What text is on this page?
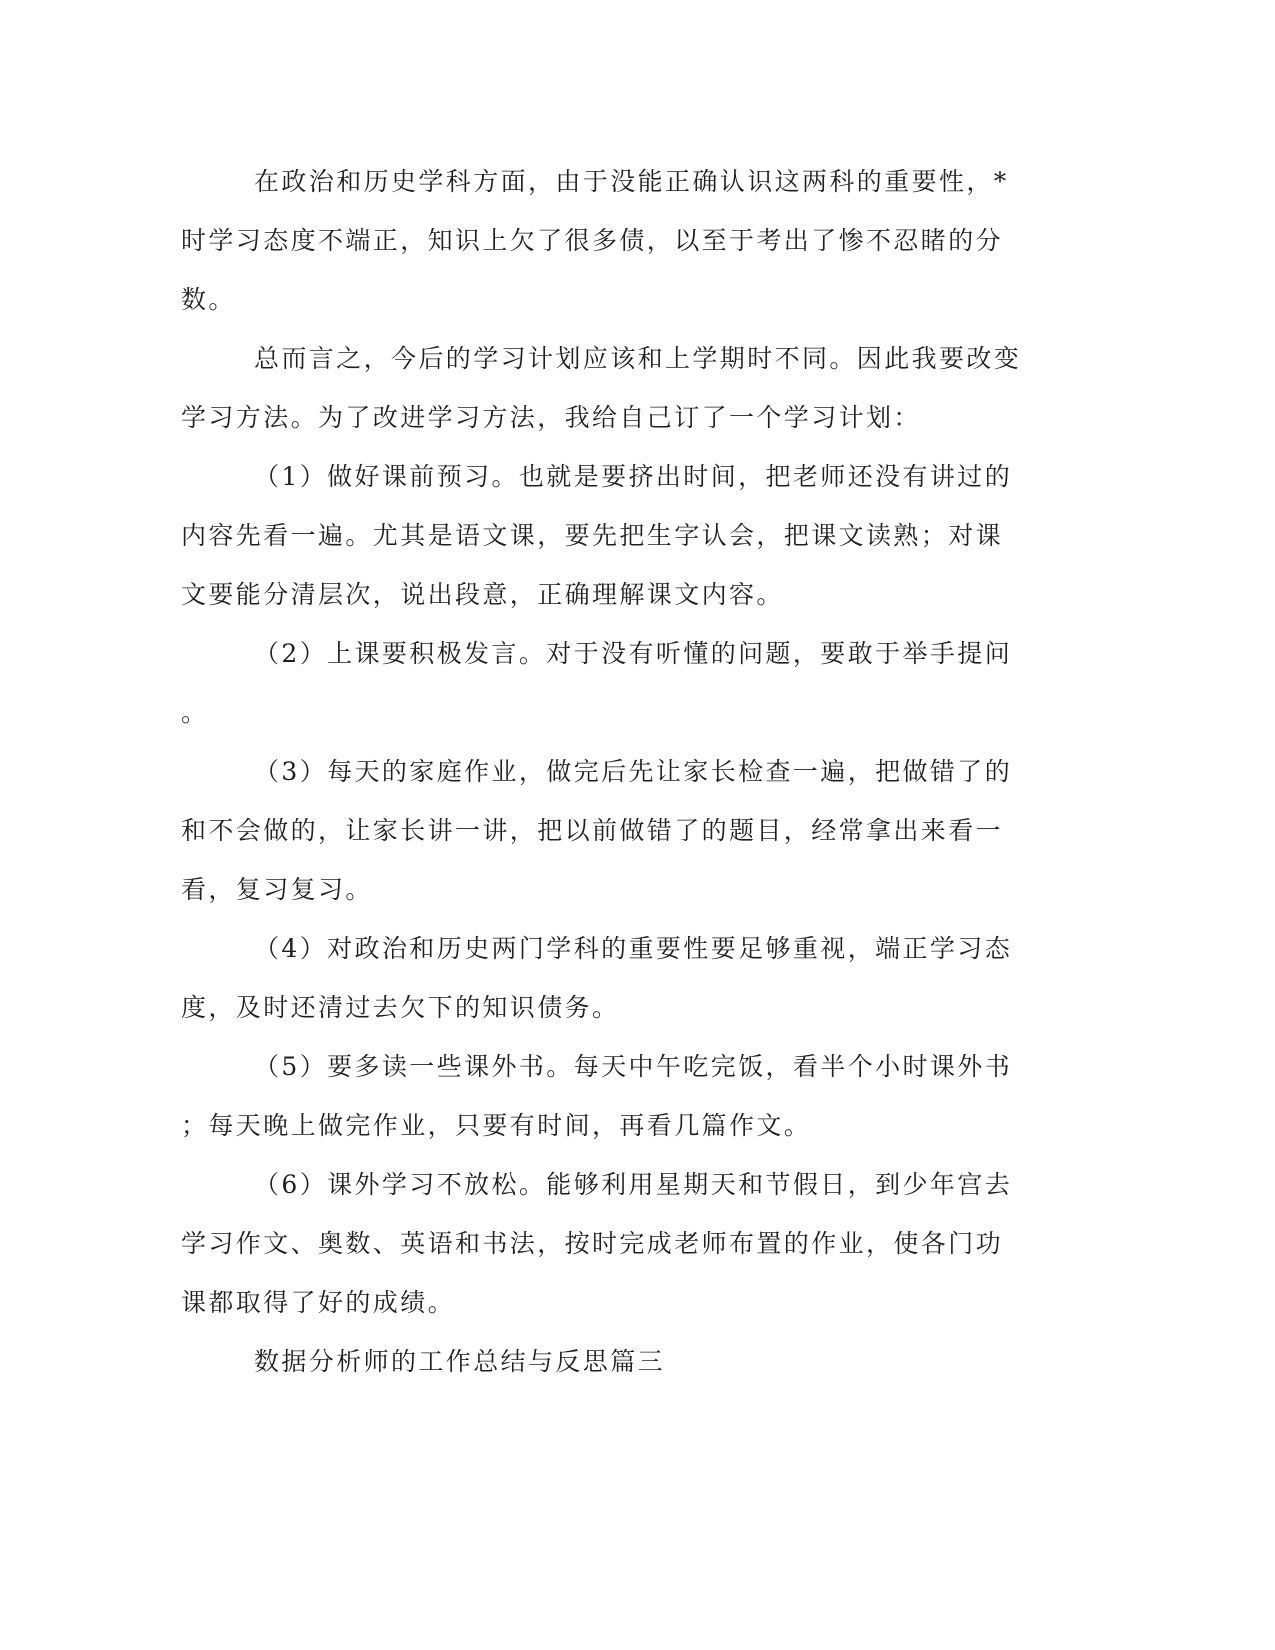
在政治和历史学科方面，由于没能正确认识这两科的重要性，*
时学习态度不端正，知识上欠了很多债，以至于考出了惨不忍睹的分
数。

总而言之，今后的学习计划应该和上学期时不同。因此我要改变
学习方法。为了改进学习方法，我给自己订了一个学习计划：

（1）做好课前预习。也就是要挤出时间，把老师还没有讲过的
内容先看一遍。尤其是语文课，要先把生字认会，把课文读熟；对课
文要能分清层次，说出段意，正确理解课文内容。

（2）上课要积极发言。对于没有听懂的问题，要敢于举手提问
。

（3）每天的家庭作业，做完后先让家长检查一遍，把做错了的
和不会做的，让家长讲一讲，把以前做错了的题目，经常拿出来看一
看，复习复习。

（4）对政治和历史两门学科的重要性要足够重视，端正学习态
度，及时还清过去欠下的知识债务。

（5）要多读一些课外书。每天中午吃完饭，看半个小时课外书
；每天晚上做完作业，只要有时间，再看几篇作文。

（6）课外学习不放松。能够利用星期天和节假日，到少年宫去
学习作文、奥数、英语和书法，按时完成老师布置的作业，使各门功
课都取得了好的成绩。

数据分析师的工作总结与反思篇三
